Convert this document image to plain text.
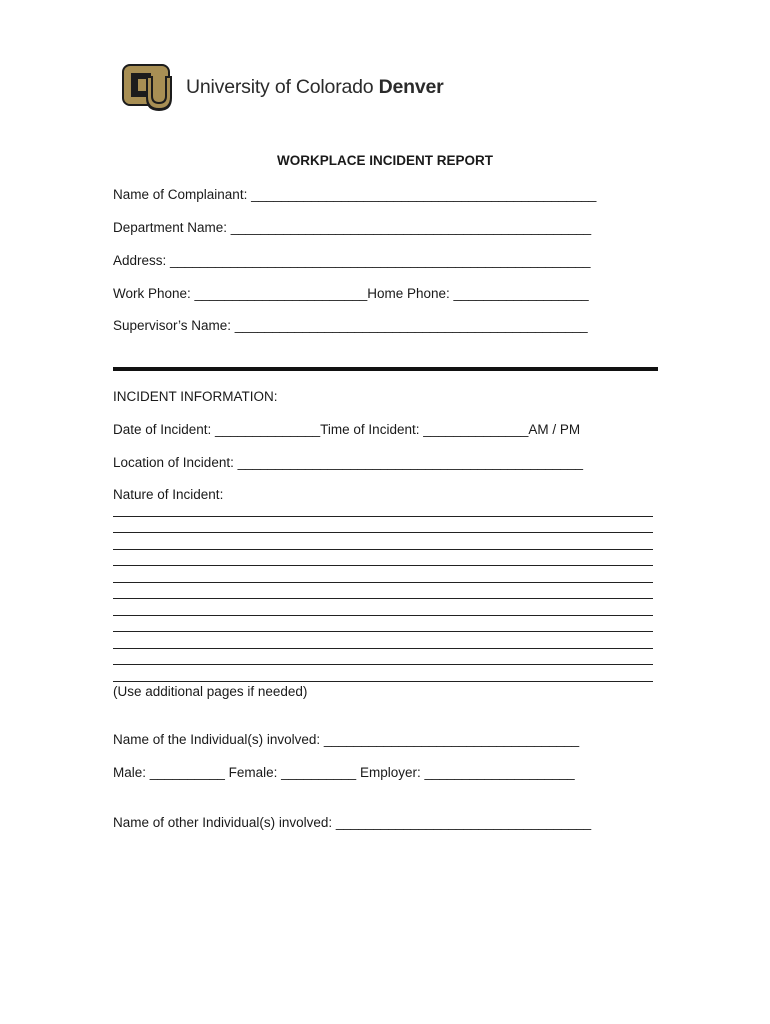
University of Colorado Denver
WORKPLACE INCIDENT REPORT
Name of Complainant: ______________________________________________
Department Name: ________________________________________________
Address: ________________________________________________________
Work Phone: _______________________Home Phone: __________________
Supervisor’s Name: _______________________________________________
INCIDENT INFORMATION:
Date of Incident: ______________Time of Incident: ______________AM / PM
Location of Incident: ______________________________________________
Nature of Incident:
(Use additional pages if needed)
Name of the Individual(s) involved: __________________________________
Male: __________ Female: __________ Employer: ____________________
Name of other Individual(s) involved: __________________________________
